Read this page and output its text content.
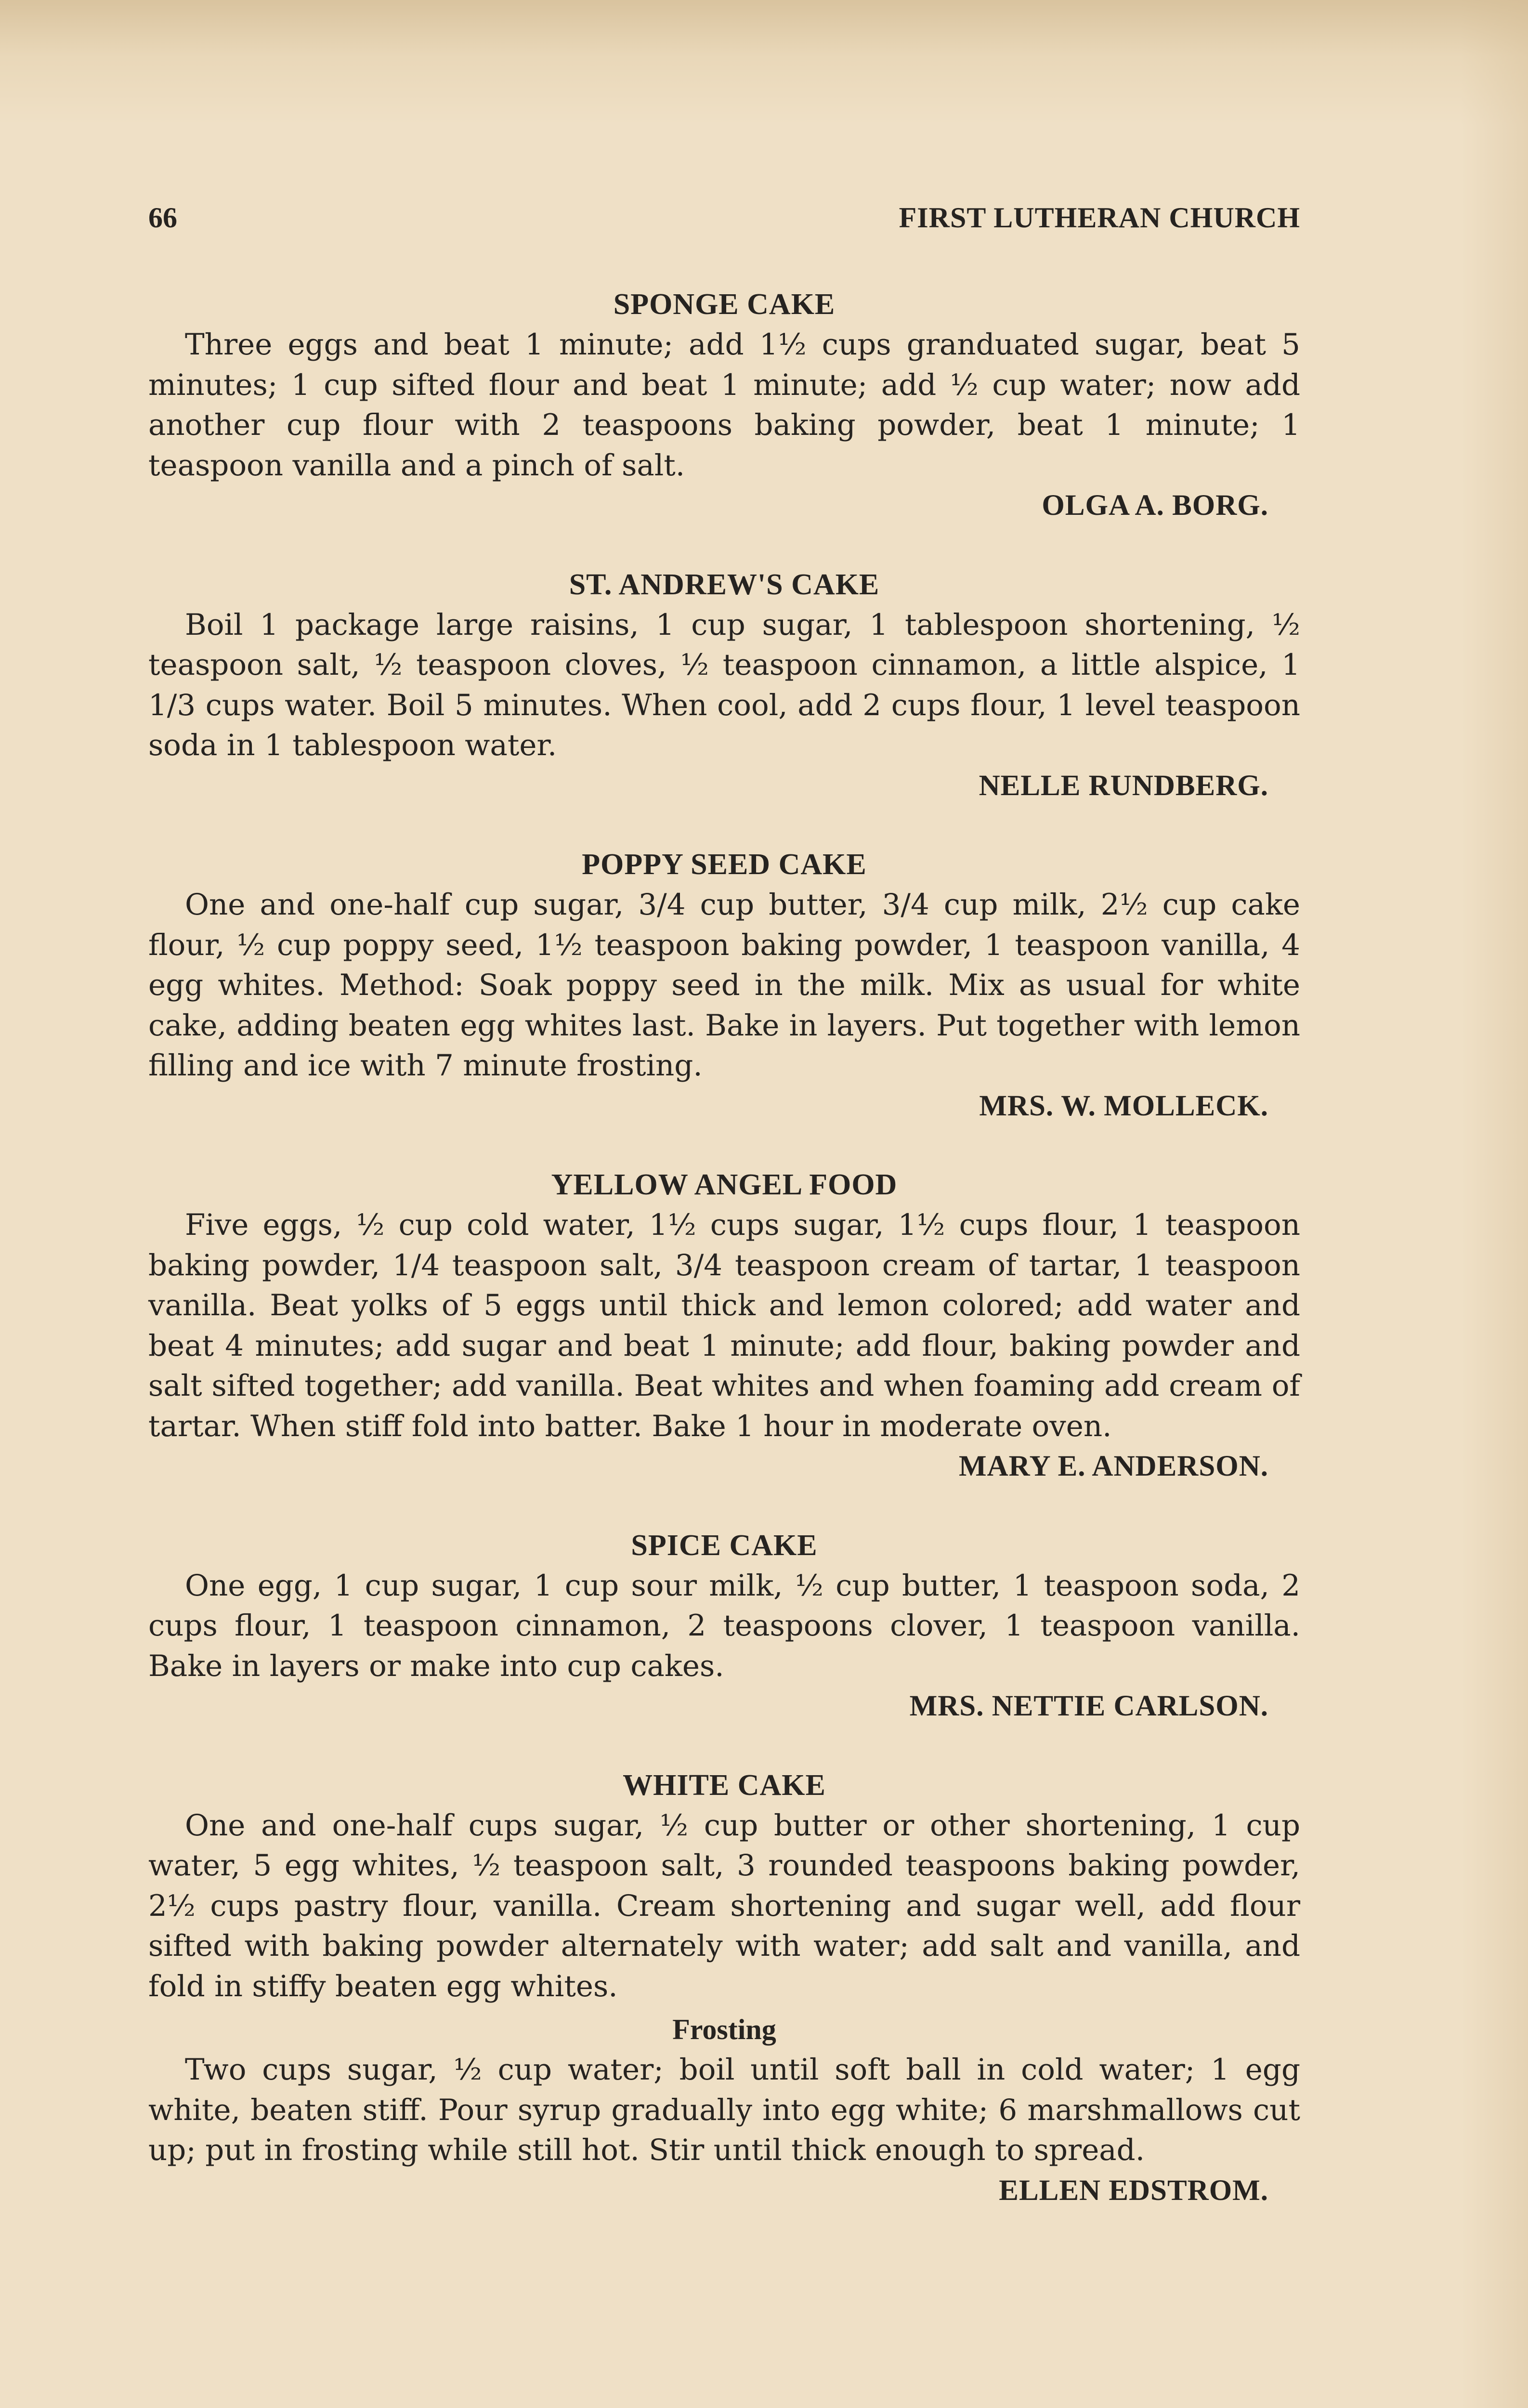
66	FIRST LUTHERAN CHURCH

SPONGE CAKE

Three eggs and beat 1 minute; add 1½ cups granduated sugar, beat 5 minutes; 1 cup sifted flour and beat 1 minute; add ½ cup water; now add another cup flour with 2 teaspoons baking powder, beat 1 minute; 1 teaspoon vanilla and a pinch of salt.

OLGA A. BORG.

ST. ANDREW'S CAKE

Boil 1 package large raisins, 1 cup sugar, 1 tablespoon shortening, ½ teaspoon salt, ½ teaspoon cloves, ½ teaspoon cinnamon, a little alspice, 1 1/3 cups water. Boil 5 minutes. When cool, add 2 cups flour, 1 level teaspoon soda in 1 tablespoon water.

NELLE RUNDBERG.

POPPY SEED CAKE

One and one-half cup sugar, 3/4 cup butter, 3/4 cup milk, 2½ cup cake flour, ½ cup poppy seed, 1½ teaspoon baking powder, 1 teaspoon vanilla, 4 egg whites. Method: Soak poppy seed in the milk. Mix as usual for white cake, adding beaten egg whites last. Bake in layers. Put together with lemon filling and ice with 7 minute frosting.

MRS. W. MOLLECK.

YELLOW ANGEL FOOD

Five eggs, ½ cup cold water, 1½ cups sugar, 1½ cups flour, 1 teaspoon baking powder, 1/4 teaspoon salt, 3/4 teaspoon cream of tartar, 1 teaspoon vanilla. Beat yolks of 5 eggs until thick and lemon colored; add water and beat 4 minutes; add sugar and beat 1 minute; add flour, baking powder and salt sifted together; add vanilla. Beat whites and when foaming add cream of tartar. When stiff fold into batter. Bake 1 hour in moderate oven.

MARY E. ANDERSON.

SPICE CAKE

One egg, 1 cup sugar, 1 cup sour milk, ½ cup butter, 1 teaspoon soda, 2 cups flour, 1 teaspoon cinnamon, 2 teaspoons clover, 1 teaspoon vanilla. Bake in layers or make into cup cakes.

MRS. NETTIE CARLSON.

WHITE CAKE

One and one-half cups sugar, ½ cup butter or other shortening, 1 cup water, 5 egg whites, ½ teaspoon salt, 3 rounded teaspoons baking powder, 2½ cups pastry flour, vanilla. Cream shortening and sugar well, add flour sifted with baking powder alternately with water; add salt and vanilla, and fold in stiffy beaten egg whites.

Frosting

Two cups sugar, ½ cup water; boil until soft ball in cold water; 1 egg white, beaten stiff. Pour syrup gradually into egg white; 6 marshmallows cut up; put in frosting while still hot. Stir until thick enough to spread.

ELLEN EDSTROM.
